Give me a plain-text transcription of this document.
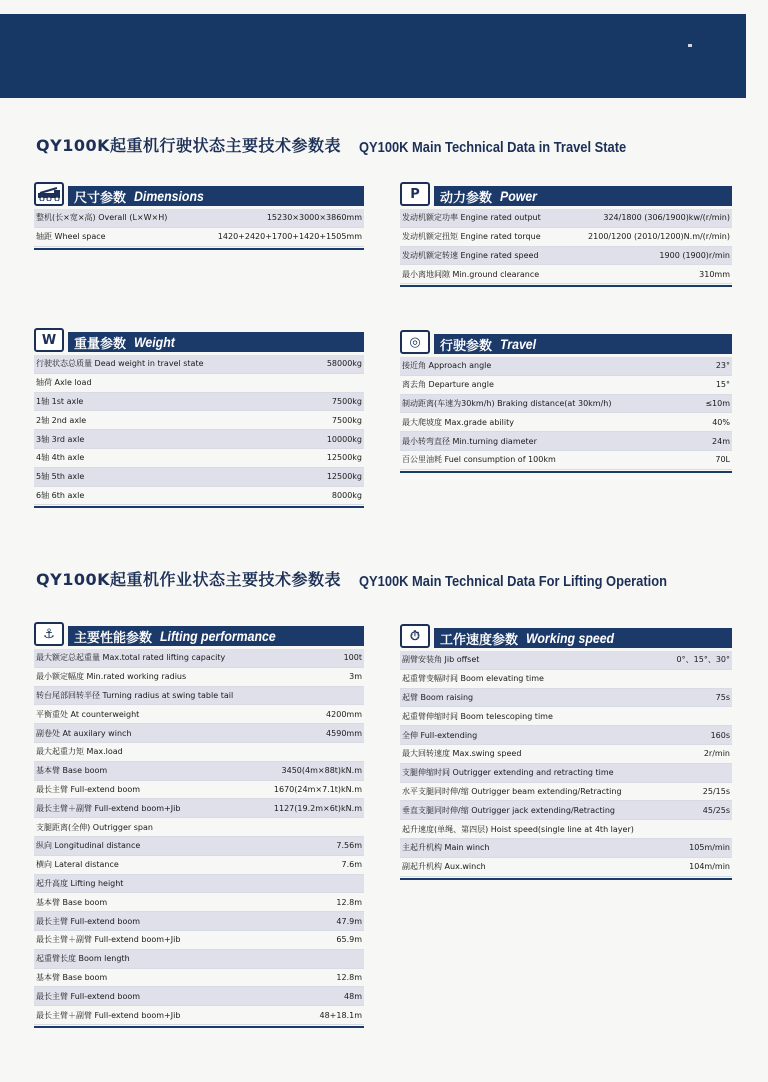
QY100K起重机行驶状态主要技术参数表 QY100K Main Technical Data in Travel State
尺寸参数 Dimensions
整机(长×宽×高) Overall (L×W×H)	15230×3000×3860mm
轴距 Wheel space	1420+2420+1700+1420+1505mm
P	动力参数 Power
发动机额定功率 Engine rated output	324/1800 (306/1900)kw/(r/min)
发动机额定扭矩 Engine rated torque	2100/1200 (2010/1200)N.m/(r/min)
发动机额定转速 Engine rated speed	1900 (1900)r/min
最小离地间隙 Min.ground clearance	310mm
W	重量参数 Weight
行驶状态总质量 Dead weight in travel state	58000kg
轴荷 Axle load
1轴 1st axle	7500kg
2轴 2nd axle	7500kg
3轴 3rd axle	10000kg
4轴 4th axle	12500kg
5轴 5th axle	12500kg
6轴 6th axle	8000kg
◎	行驶参数 Travel
接近角 Approach angle	23°
离去角 Departure angle	15°
制动距离(车速为30km/h) Braking distance(at 30km/h)	≤10m
最大爬坡度 Max.grade ability	40%
最小转弯直径 Min.turning diameter	24m
百公里油耗 Fuel consumption of 100km	70L
QY100K起重机作业状态主要技术参数表 QY100K Main Technical Data For Lifting Operation
⚓	主要性能参数 Lifting performance
最大额定总起重量 Max.total rated lifting capacity	100t
最小额定幅度 Min.rated working radius	3m
转台尾部回转半径 Turning radius at swing table tail
平衡重处 At counterweight	4200mm
副卷处 At auxilary winch	4590mm
最大起重力矩 Max.load
基本臂 Base boom	3450(4m×88t)kN.m
最长主臂 Full-extend boom	1670(24m×7.1t)kN.m
最长主臂＋副臂 Full-extend boom+Jib	1127(19.2m×6t)kN.m
支腿距离(全伸) Outrigger span
纵向 Longitudinal distance	7.56m
横向 Lateral distance	7.6m
起升高度 Lifting height
基本臂 Base boom	12.8m
最长主臂 Full-extend boom	47.9m
最长主臂＋副臂 Full-extend boom+Jib	65.9m
起重臂长度 Boom length
基本臂 Base boom	12.8m
最长主臂 Full-extend boom	48m
最长主臂＋副臂 Full-extend boom+Jib	48+18.1m
⏱	工作速度参数 Working speed
副臂安装角 Jib offset	0°、15°、30°
起重臂变幅时间 Boom elevating time
起臂 Boom raising	75s
起重臂伸缩时间 Boom telescoping time
全伸 Full-extending	160s
最大回转速度 Max.swing speed	2r/min
支腿伸缩时间 Outrigger extending and retracting time
水平支腿同时伸/缩 Outrigger beam extending/Retracting	25/15s
垂直支腿同时伸/缩 Outrigger jack extending/Retracting	45/25s
起升速度(单绳、第四层) Hoist speed(single line at 4th layer)
主起升机构 Main winch	105m/min
副起升机构 Aux.winch	104m/min
